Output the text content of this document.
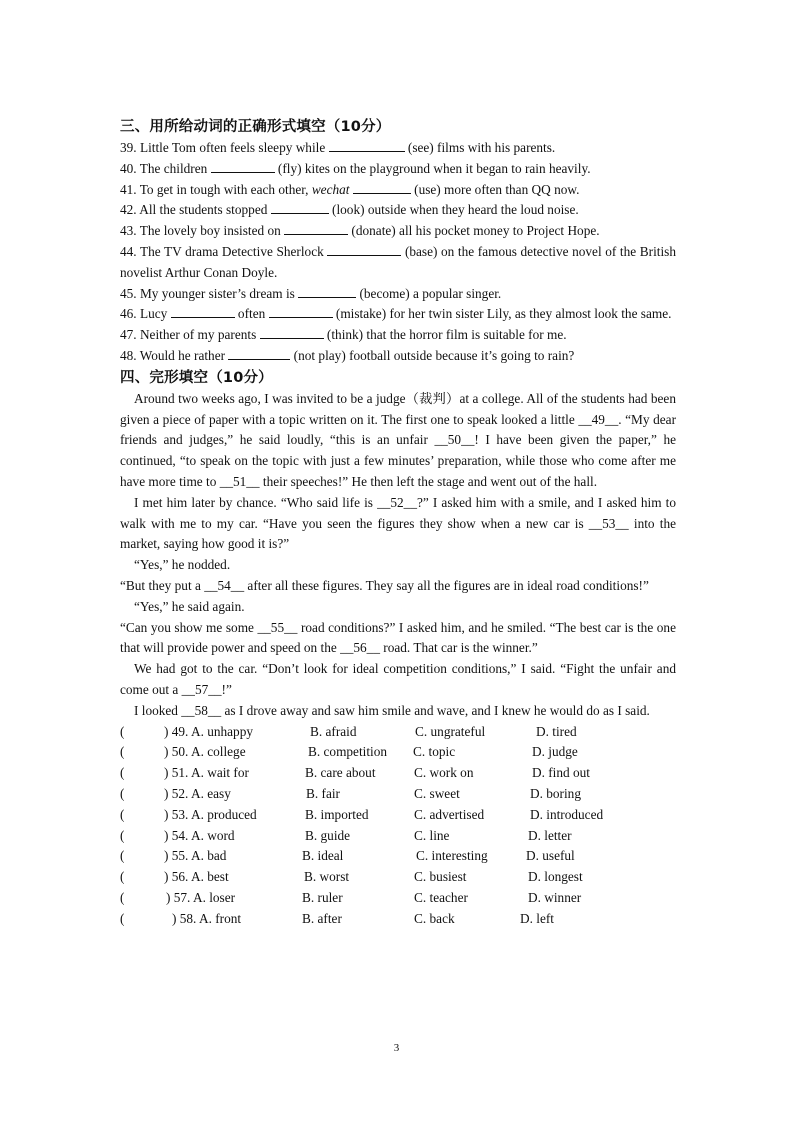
三、用所给动词的正确形式填空（10分）
39. Little Tom often feels sleepy while	(see) films with his parents.
40. The children	(fly) kites on the playground when it began to rain heavily.
41. To get in tough with each other, wechat	(use) more often than QQ now.
42. All the students stopped	(look) outside when they heard the loud noise.
43. The lovely boy insisted on	(donate) all his pocket money to Project Hope.
44. The TV drama Detective Sherlock	(base) on the famous detective novel of the British novelist Arthur Conan Doyle.
45. My younger sister’s dream is	(become) a popular singer.
46. Lucy	often	(mistake) for her twin sister Lily, as they almost look the same.
47. Neither of my parents	(think) that the horror film is suitable for me.
48. Would he rather	(not play) football outside because it’s going to rain?
四、完形填空（10分）
Around two weeks ago, I was invited to be a judge（裁判）at a college. All of the students had been given a piece of paper with a topic written on it. The first one to speak looked a little __49__. “My dear friends and judges,” he said loudly, “this is an unfair __50__! I have been given the paper,” he continued, “to speak on the topic with just a few minutes’ preparation, while those who come after me have more time to __51__ their speeches!” He then left the stage and went out of the hall.
I met him later by chance. “Who said life is __52__?” I asked him with a smile, and I asked him to walk with me to my car. “Have you seen the figures they show when a new car is __53__ into the market, saying how good it is?”
“Yes,” he nodded.
“But they put a __54__ after all these figures. They say all the figures are in ideal road conditions!”
“Yes,” he said again.
“Can you show me some __55__ road conditions?” I asked him, and he smiled. “The best car is the one that will provide power and speed on the __56__ road. That car is the winner.”
We had got to the car. “Don’t look for ideal competition conditions,” I said. “Fight the unfair and come out a __57__!”
I looked __58__ as I drove away and saw him smile and wave, and I knew he would do as I said.
(	) 49. A. unhappy	B. afraid	C. ungrateful	D. tired
(	) 50. A. college	B. competition C. topic	D. judge
(	) 51. A. wait for	B. care about	C. work on	D. find out
(	) 52. A. easy	B. fair	C. sweet	D. boring
(	) 53. A. produced	B. imported	C. advertised	D. introduced
(	) 54. A. word	B. guide	C. line	D. letter
(	) 55. A. bad	B. ideal	C. interesting	D. useful
(	) 56. A. best	B. worst	C. busiest	D. longest
(	) 57. A. loser	B. ruler	C. teacher	D. winner
(	) 58. A. front	B. after	C. back	D. left
3
